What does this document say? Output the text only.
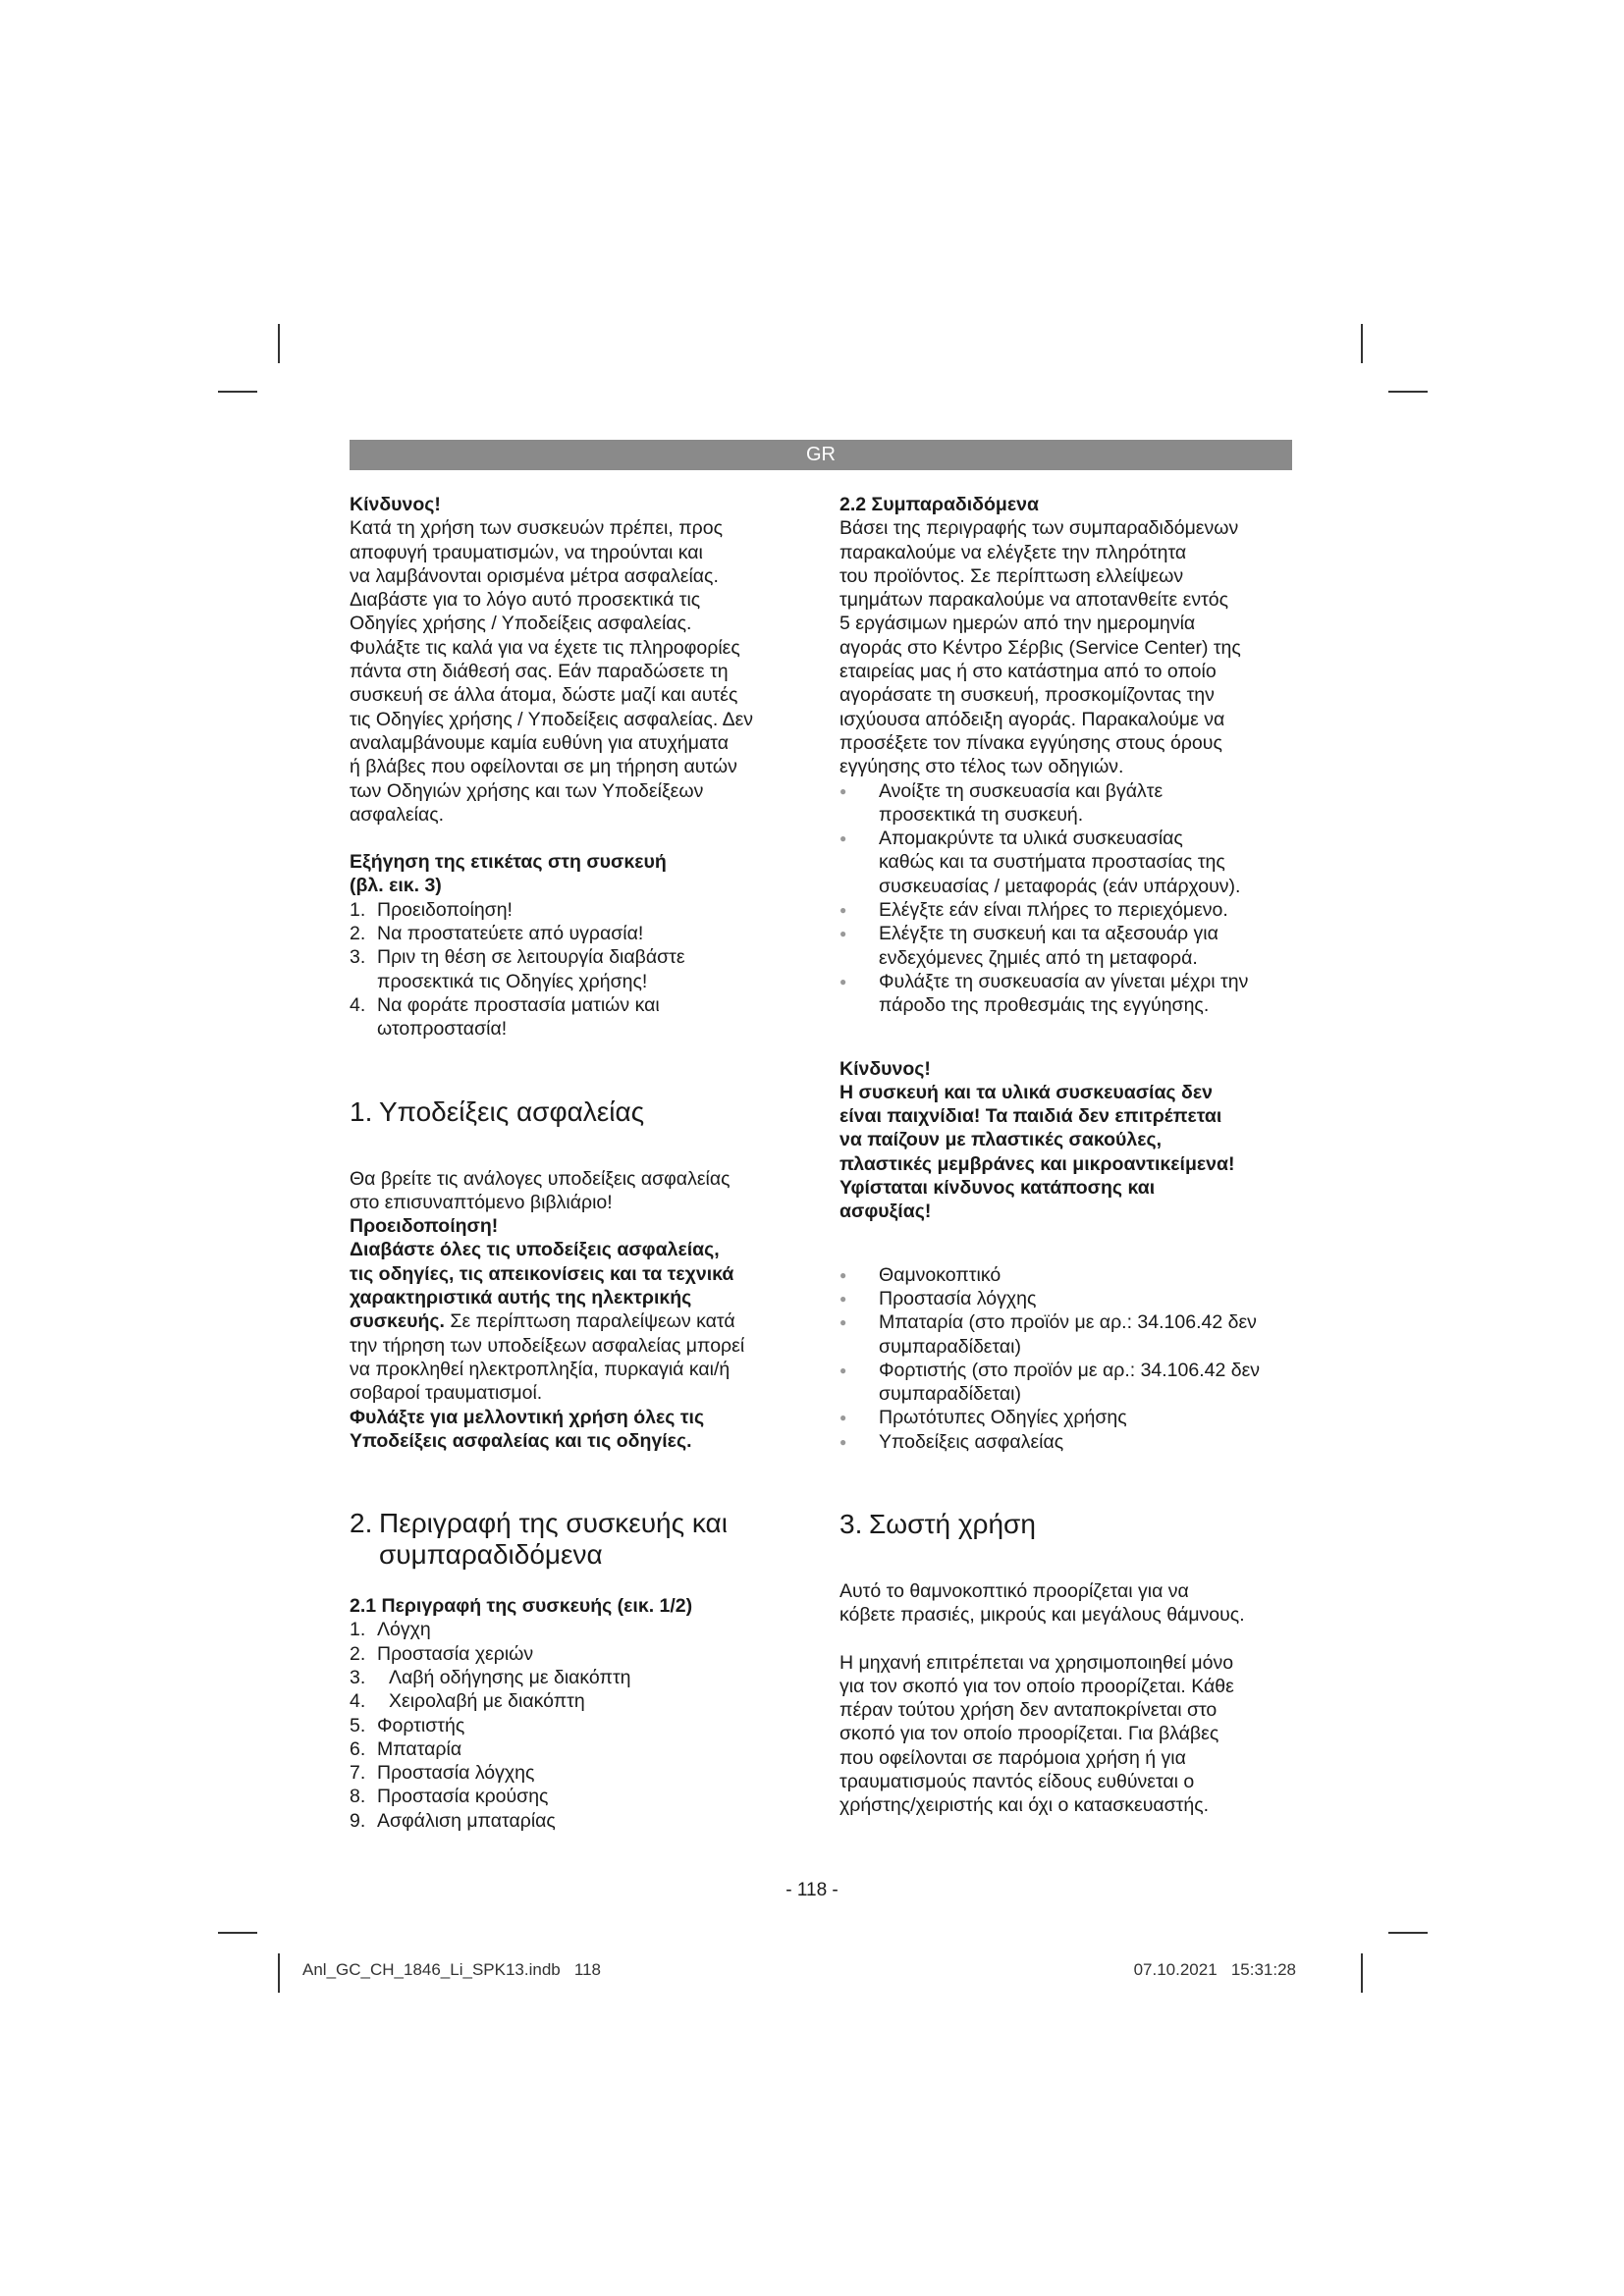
GR

Κίνδυνος!

Κατά τη χρήση των συσκευών πρέπει, προς
αποφυγή τραυματισμών, να τηρούνται και
να λαμβάνονται ορισμένα μέτρα ασφαλείας.
Διαβάστε για το λόγο αυτό προσεκτικά τις
Οδηγίες χρήσης / Υποδείξεις ασφαλείας.
Φυλάξτε τις καλά για να έχετε τις πληροφορίες
πάντα στη διάθεσή σας. Εάν παραδώσετε τη
συσκευή σε άλλα άτομα, δώστε μαζί και αυτές
τις Οδηγίες χρήσης / Υποδείξεις ασφαλείας. Δεν
αναλαμβάνουμε καμία ευθύνη για ατυχήματα
ή βλάβες που οφείλονται σε μη τήρηση αυτών
των Οδηγιών χρήσης και των Υποδείξεων
ασφαλείας.

Εξήγηση της ετικέτας στη συσκευή

(βλ. εικ. 3)

1. Προειδοποίηση!
2. Να προστατεύετε από υγρασία!
3. Πριν τη θέση σε λειτουργία διαβάστε
προσεκτικά τις Οδηγίες χρήσης!
4. Να φοράτε προστασία ματιών και
ωτοπροστασία!
1. Υποδείξεις ασφαλείας
Θα βρείτε τις ανάλογες υποδείξεις ασφαλείας
στο επισυναπτόμενο βιβλιάριο!

Προειδοποίηση!

Διαβάστε όλες τις υποδείξεις ασφαλείας,
τις οδηγίες, τις απεικονίσεις και τα τεχνικά
χαρακτηριστικά αυτής της ηλεκτρικής
συσκευής. Σε περίπτωση παραλείψεων κατά
την τήρηση των υποδείξεων ασφαλείας μπορεί
να προκληθεί ηλεκτροπληξία, πυρκαγιά και/ή
σοβαροί τραυματισμοί.
Φυλάξτε για μελλοντική χρήση όλες τις
Υποδείξεις ασφαλείας και τις οδηγίες.
2. Περιγραφή της συσκευής και
συμπαραδιδόμενα

2.1 Περιγραφή της συσκευής (εικ. 1/2)

1. Λόγχη
2. Προστασία χεριών
3. Λαβή οδήγησης με διακόπτη
4. Χειρολαβή με διακόπτη
5. Φορτιστής
6. Μπαταρία
7. Προστασία λόγχης
8. Προστασία κρούσης
9. Ασφάλιση μπαταρίας

2.2 Συμπαραδιδόμενα

Βάσει της περιγραφής των συμπαραδιδόμενων
παρακαλούμε να ελέγξετε την πληρότητα
του προϊόντος. Σε περίπτωση ελλείψεων
τμημάτων παρακαλούμε να αποτανθείτε εντός
5 εργάσιμων ημερών από την ημερομηνία
αγοράς στο Κέντρο Σέρβις (Service Center) της
εταιρείας μας ή στο κατάστημα από το οποίο
αγοράσατε τη συσκευή, προσκομίζοντας την
ισχύουσα απόδειξη αγοράς. Παρακαλούμε να
προσέξετε τον πίνακα εγγύησης στους όρους
εγγύησης στο τέλος των οδηγιών.
● Ανοίξτε τη συσκευασία και βγάλτε
προσεκτικά τη συσκευή.
● Απομακρύντε τα υλικά συσκευασίας
καθώς και τα συστήματα προστασίας της
συσκευασίας / μεταφοράς (εάν υπάρχουν).
● Ελέγξτε εάν είναι πλήρες το περιεχόμενο.
● Ελέγξτε τη συσκευή και τα αξεσουάρ για
ενδεχόμενες ζημιές από τη μεταφορά.
● Φυλάξτε τη συσκευασία αν γίνεται μέχρι την
πάροδο της προθεσμάις της εγγύησης.

Κίνδυνος!

Η συσκευή και τα υλικά συσκευασίας δεν
είναι παιχνίδια! Τα παιδιά δεν επιτρέπεται
να παίζουν με πλαστικές σακούλες,
πλαστικές μεμβράνες και μικροαντικείμενα!
Υφίσταται κίνδυνος κατάποσης και
ασφυξίας!
● Θαμνοκοπτικό
● Προστασία λόγχης
● Μπαταρία (στο προϊόν με αρ.: 34.106.42 δεν
συμπαραδίδεται)
● Φορτιστής (στο προϊόν με αρ.: 34.106.42 δεν
συμπαραδίδεται)
● Πρωτότυπες Οδηγίες χρήσης
● Υποδείξεις ασφαλείας
3. Σωστή χρήση
Αυτό το θαμνοκοπτικό προορίζεται για να
κόβετε πρασιές, μικρούς και μεγάλους θάμνους.
Η μηχανή επιτρέπεται να χρησιμοποιηθεί μόνο
για τον σκοπό για τον οποίο προορίζεται. Κάθε
πέραν τούτου χρήση δεν ανταποκρίνεται στο
σκοπό για τον οποίο προορίζεται. Για βλάβες
που οφείλονται σε παρόμοια χρήση ή για
τραυματισμούς παντός είδους ευθύνεται ο
χρήστης/χειριστής και όχι ο κατασκευαστής.
- 118 -
Anl_GC_CH_1846_Li_SPK13.indb   118	07.10.2021   15:31:28
